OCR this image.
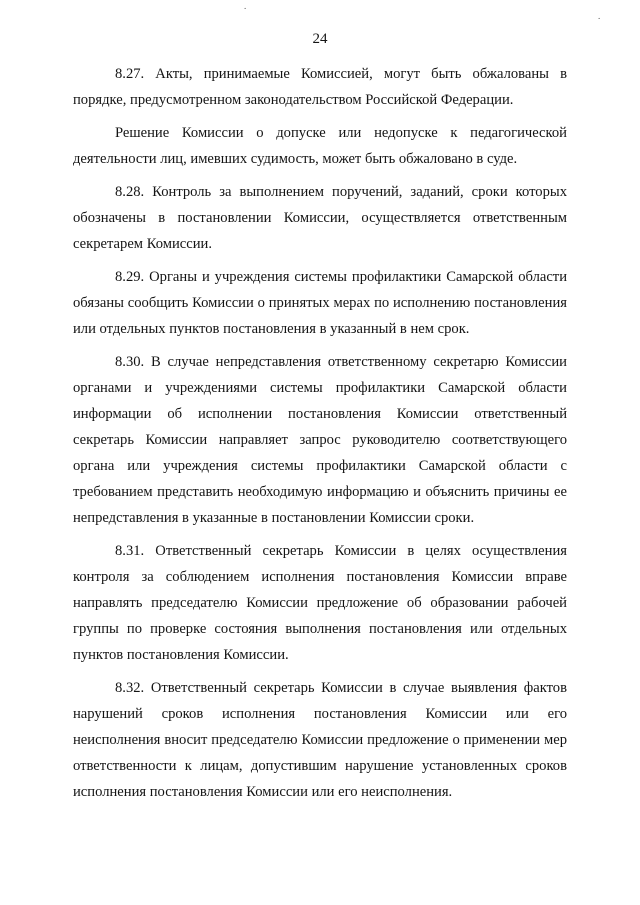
24
.
.

8.27. Акты, принимаемые Комиссией, могут быть обжалованы в порядке, предусмотренном законодательством Российской Федерации.

Решение Комиссии о допуске или недопуске к педагогической деятельности лиц, имевших судимость, может быть обжаловано в суде.

8.28. Контроль за выполнением поручений, заданий, сроки которых обозначены в постановлении Комиссии, осуществляется ответственным секретарем Комиссии.

8.29. Органы и учреждения системы профилактики Самарской области обязаны сообщить Комиссии о принятых мерах по исполнению постановления или отдельных пунктов постановления в указанный в нем срок.

8.30. В случае непредставления ответственному секретарю Комиссии органами и учреждениями системы профилактики Самарской области информации об исполнении постановления Комиссии ответственный секретарь Комиссии направляет запрос руководителю соответствующего органа или учреждения системы профилактики Самарской области с требованием представить необходимую информацию и объяснить причины ее непредставления в указанные в постановлении Комиссии сроки.

8.31. Ответственный секретарь Комиссии в целях осуществления контроля за соблюдением исполнения постановления Комиссии вправе направлять председателю Комиссии предложение об образовании рабочей группы по проверке состояния выполнения постановления или отдельных пунктов постановления Комиссии.

8.32. Ответственный секретарь Комиссии в случае выявления фактов нарушений сроков исполнения постановления Комиссии или его неисполнения вносит председателю Комиссии предложение о применении мер ответственности к лицам, допустившим нарушение установленных сроков исполнения постановления Комиссии или его неисполнения.
